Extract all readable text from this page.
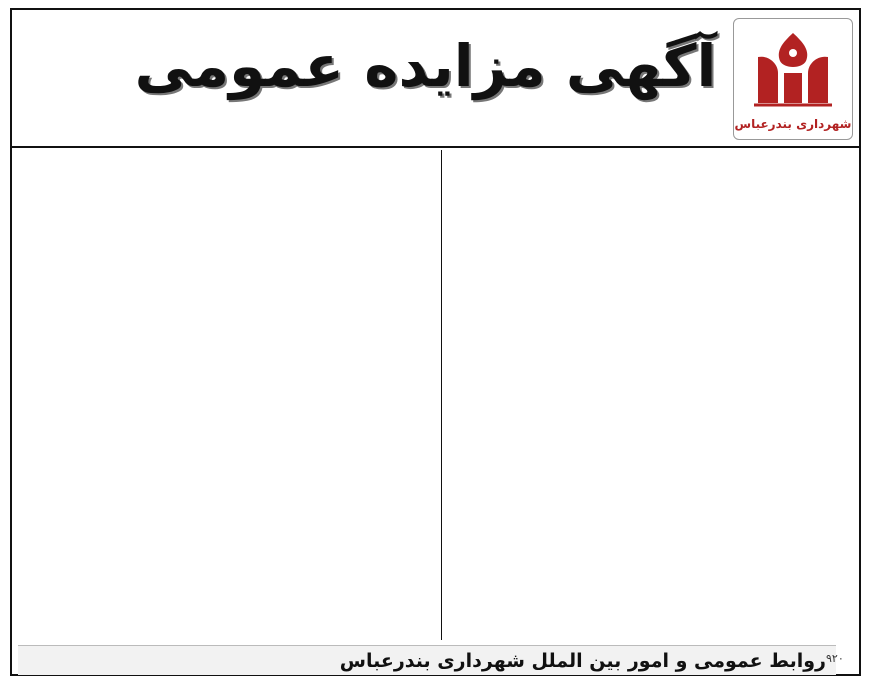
آگهی مزایده عمومی
شهرداری بندرعباس
روابط عمومی و امور بین الملل شهرداری بندرعباس ۹۲۰
